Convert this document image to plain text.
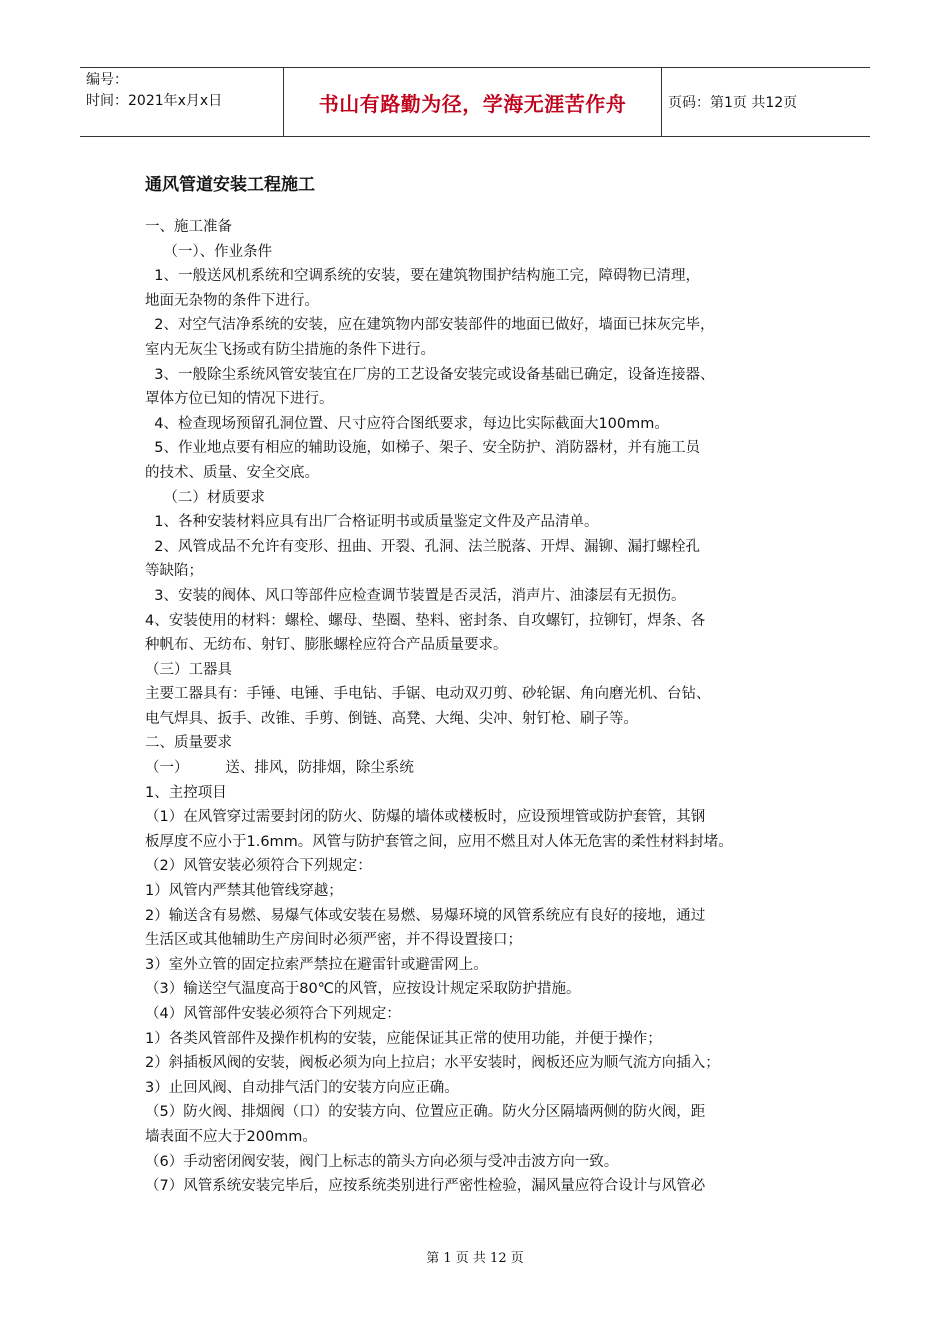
编号：
时间：2021年x月x日	书山有路勤为径，学海无涯苦作舟	页码：第1页 共12页
通风管道安装工程施工
一、施工准备
（一）、作业条件
1、一般送风机系统和空调系统的安装，要在建筑物围护结构施工完，障碍物已清理，
地面无杂物的条件下进行。
2、对空气洁净系统的安装，应在建筑物内部安装部件的地面已做好，墙面已抹灰完毕，
室内无灰尘飞扬或有防尘措施的条件下进行。
3、一般除尘系统风管安装宜在厂房的工艺设备安装完或设备基础已确定，设备连接器、
罩体方位已知的情况下进行。
4、检查现场预留孔洞位置、尺寸应符合图纸要求，每边比实际截面大100mm。
5、作业地点要有相应的辅助设施，如梯子、架子、安全防护、消防器材，并有施工员
的技术、质量、安全交底。
（二）材质要求
1、各种安装材料应具有出厂合格证明书或质量鉴定文件及产品清单。
2、风管成品不允许有变形、扭曲、开裂、孔洞、法兰脱落、开焊、漏铆、漏打螺栓孔
等缺陷；
3、安装的阀体、风口等部件应检查调节装置是否灵活，消声片、油漆层有无损伤。
4、安装使用的材料：螺栓、螺母、垫圈、垫料、密封条、自攻螺钉，拉铆钉，焊条、各
种帆布、无纺布、射钉、膨胀螺栓应符合产品质量要求。
（三）工器具
主要工器具有：手锤、电锤、手电钻、手锯、电动双刃剪、砂轮锯、角向磨光机、台钻、
电气焊具、扳手、改锥、手剪、倒链、高凳、大绳、尖冲、射钉枪、刷子等。
二、质量要求
（一）        送、排风，防排烟，除尘系统
1、主控项目
（1）在风管穿过需要封闭的防火、防爆的墙体或楼板时，应设预埋管或防护套管，其钢
板厚度不应小于1.6mm。风管与防护套管之间，应用不燃且对人体无危害的柔性材料封堵。
（2）风管安装必须符合下列规定：
1）风管内严禁其他管线穿越；
2）输送含有易燃、易爆气体或安装在易燃、易爆环境的风管系统应有良好的接地，通过
生活区或其他辅助生产房间时必须严密，并不得设置接口；
3）室外立管的固定拉索严禁拉在避雷针或避雷网上。
（3）输送空气温度高于80℃的风管，应按设计规定采取防护措施。
（4）风管部件安装必须符合下列规定：
1）各类风管部件及操作机构的安装，应能保证其正常的使用功能，并便于操作；
2）斜插板风阀的安装，阀板必须为向上拉启；水平安装时，阀板还应为顺气流方向插入；
3）止回风阀、自动排气活门的安装方向应正确。
（5）防火阀、排烟阀（口）的安装方向、位置应正确。防火分区隔墙两侧的防火阀，距
墙表面不应大于200mm。
（6）手动密闭阀安装，阀门上标志的箭头方向必须与受冲击波方向一致。
（7）风管系统安装完毕后，应按系统类别进行严密性检验，漏风量应符合设计与风管必
第 1 页 共 12 页
